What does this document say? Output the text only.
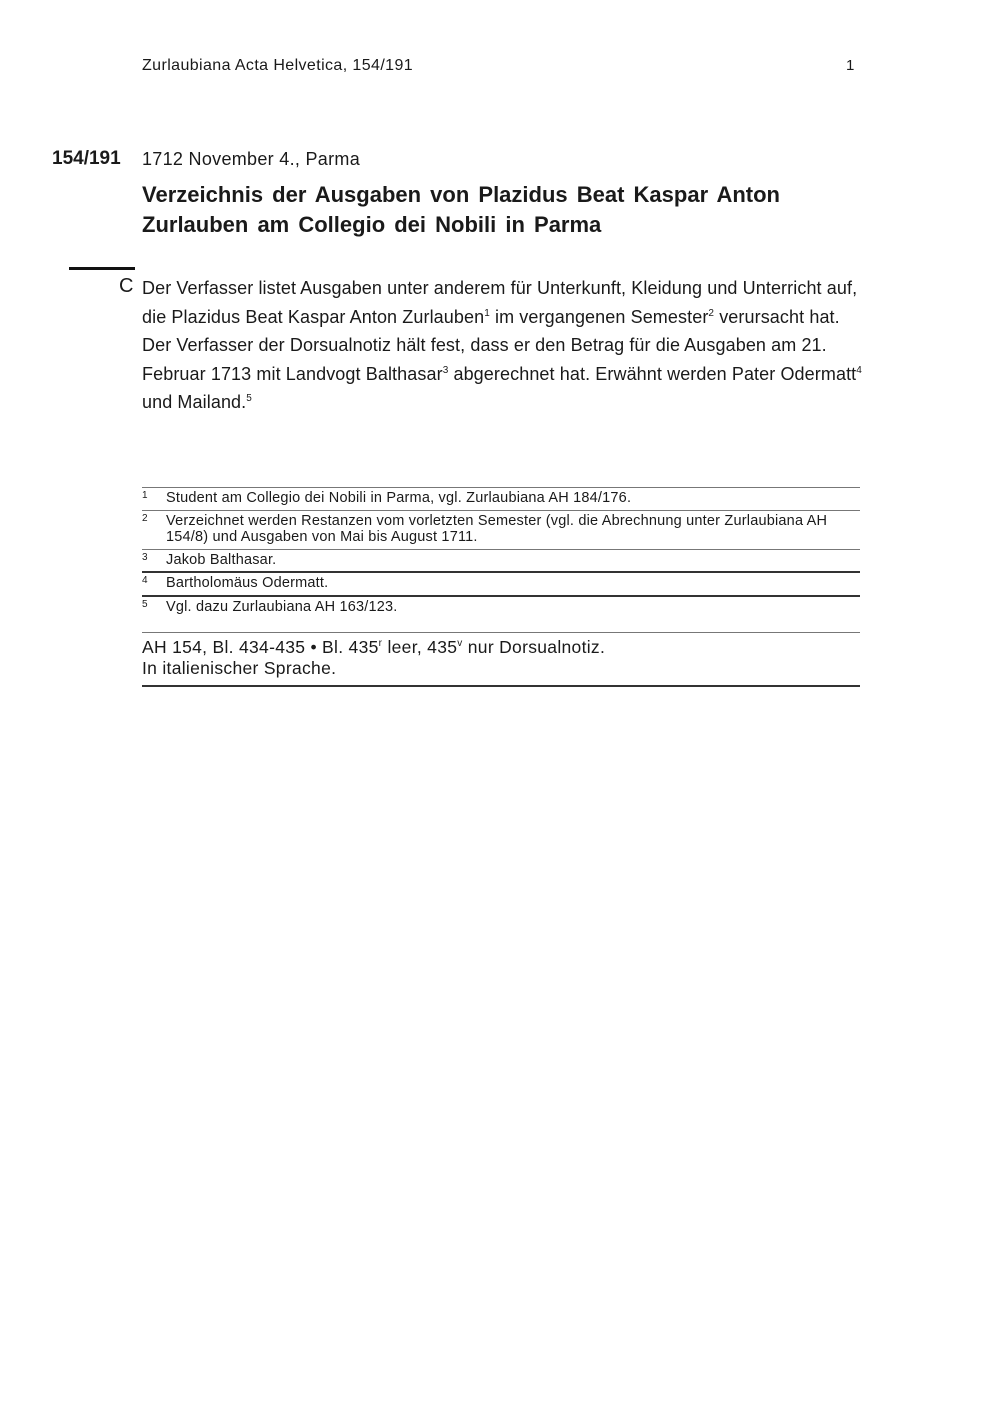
Zurlaubiana Acta Helvetica, 154/191	1
154/191 1712 November 4., Parma
Verzeichnis der Ausgaben von Plazidus Beat Kaspar Anton Zurlauben am Collegio dei Nobili in Parma
C Der Verfasser listet Ausgaben unter anderem für Unterkunft, Kleidung und Unterricht auf, die Plazidus Beat Kaspar Anton Zurlauben$^1$ im vergangenen Semester$^2$ verursacht hat.

Der Verfasser der Dorsualnotiz hält fest, dass er den Betrag für die Ausgaben am 21. Februar 1713 mit Landvogt Balthasar$^3$ abgerechnet hat. Erwähnt werden Pater Odermatt$^4$ und Mailand.$^5$

1 Student am Collegio dei Nobili in Parma, vgl. Zurlaubiana AH 184/176.
2 Verzeichnet werden Restanzen vom vorletzten Semester (vgl. die Abrechnung unter Zurlaubiana AH 154/8) und Ausgaben von Mai bis August 1711.
3 Jakob Balthasar.
4 Bartholomäus Odermatt.
5 Vgl. dazu Zurlaubiana AH 163/123.
AH 154, Bl. 434-435 • Bl. 435$^r$ leer, 435$^v$ nur Dorsualnotiz.
In italienischer Sprache.
